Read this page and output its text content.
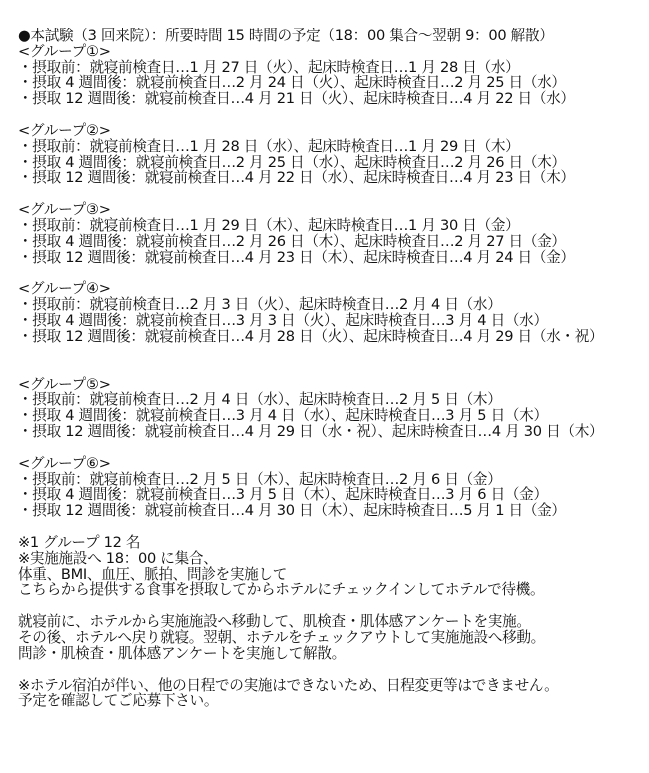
●本試験（3 回来院）：所要時間 15 時間の予定（18：00 集合～翌朝 9：00 解散）
<グループ①>
・摂取前：就寝前検査日…1 月 27 日（火）、起床時検査日…1 月 28 日（水）
・摂取 4 週間後：就寝前検査日…2 月 24 日（火）、起床時検査日…2 月 25 日（水）
・摂取 12 週間後：就寝前検査日…4 月 21 日（火）、起床時検査日…4 月 22 日（水）
<グループ②>
・摂取前：就寝前検査日…1 月 28 日（水）、起床時検査日…1 月 29 日（木）
・摂取 4 週間後：就寝前検査日…2 月 25 日（水）、起床時検査日…2 月 26 日（木）
・摂取 12 週間後：就寝前検査日…4 月 22 日（水）、起床時検査日…4 月 23 日（木）
<グループ③>
・摂取前：就寝前検査日…1 月 29 日（木）、起床時検査日…1 月 30 日（金）
・摂取 4 週間後：就寝前検査日…2 月 26 日（木）、起床時検査日…2 月 27 日（金）
・摂取 12 週間後：就寝前検査日…4 月 23 日（木）、起床時検査日…4 月 24 日（金）
<グループ④>
・摂取前：就寝前検査日…2 月 3 日（火）、起床時検査日…2 月 4 日（水）
・摂取 4 週間後：就寝前検査日…3 月 3 日（火）、起床時検査日…3 月 4 日（水）
・摂取 12 週間後：就寝前検査日…4 月 28 日（火）、起床時検査日…4 月 29 日（水・祝）
<グループ⑤>
・摂取前：就寝前検査日…2 月 4 日（水）、起床時検査日…2 月 5 日（木）
・摂取 4 週間後：就寝前検査日…3 月 4 日（水）、起床時検査日…3 月 5 日（木）
・摂取 12 週間後：就寝前検査日…4 月 29 日（水・祝）、起床時検査日…4 月 30 日（木）
<グループ⑥>
・摂取前：就寝前検査日…2 月 5 日（木）、起床時検査日…2 月 6 日（金）
・摂取 4 週間後：就寝前検査日…3 月 5 日（木）、起床時検査日…3 月 6 日（金）
・摂取 12 週間後：就寝前検査日…4 月 30 日（木）、起床時検査日…5 月 1 日（金）
※1 グループ 12 名
※実施施設へ 18：00 に集合、
体重、BMI、血圧、脈拍、問診を実施して
こちらから提供する食事を摂取してからホテルにチェックインしてホテルで待機。
就寝前に、ホテルから実施施設へ移動して、肌検査・肌体感アンケートを実施。
その後、ホテルへ戻り就寝。翌朝、ホテルをチェックアウトして実施施設へ移動。
問診・肌検査・肌体感アンケートを実施して解散。
※ホテル宿泊が伴い、他の日程での実施はできないため、日程変更等はできません。
予定を確認してご応募下さい。
